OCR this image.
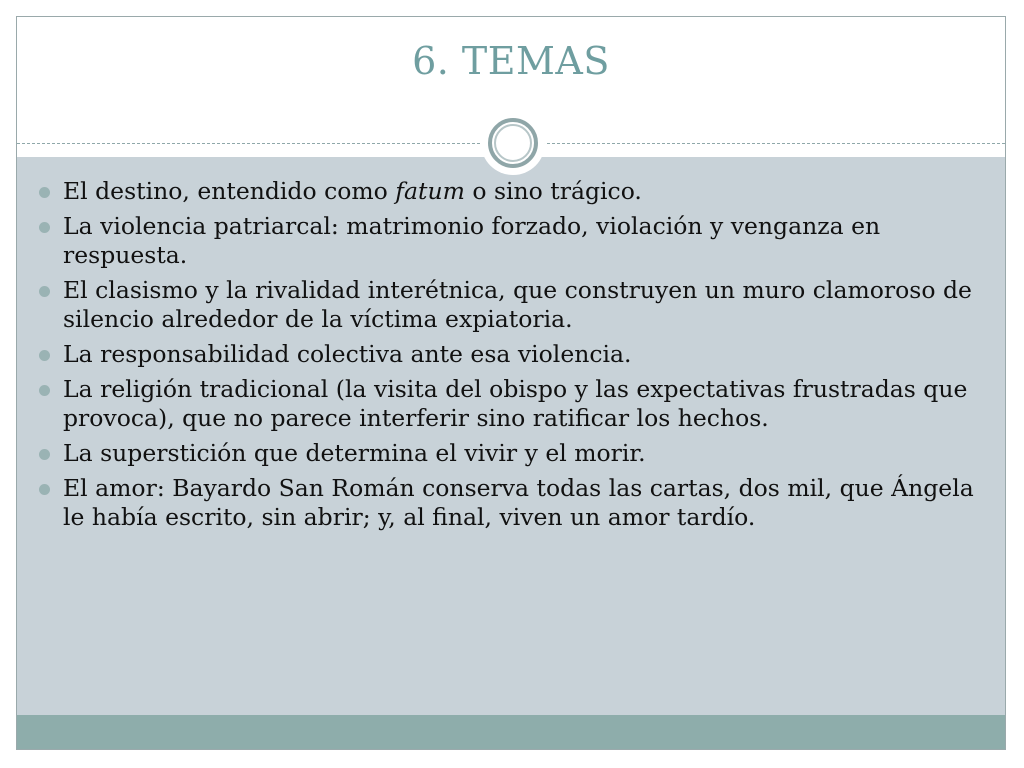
6. TEMAS
El destino, entendido como fatum o sino trágico.
La violencia patriarcal: matrimonio forzado, violación y venganza en respuesta.
El clasismo y la rivalidad interétnica, que construyen un muro clamoroso de silencio alrededor de la víctima expiatoria.
La responsabilidad colectiva ante esa violencia.
La religión tradicional (la visita del obispo y las expectativas frustradas que provoca), que no parece interferir sino ratificar los hechos.
La superstición que determina el vivir y el morir.
El amor: Bayardo San Román conserva todas las cartas, dos mil, que Ángela le había escrito, sin abrir; y, al final, viven un amor tardío.
